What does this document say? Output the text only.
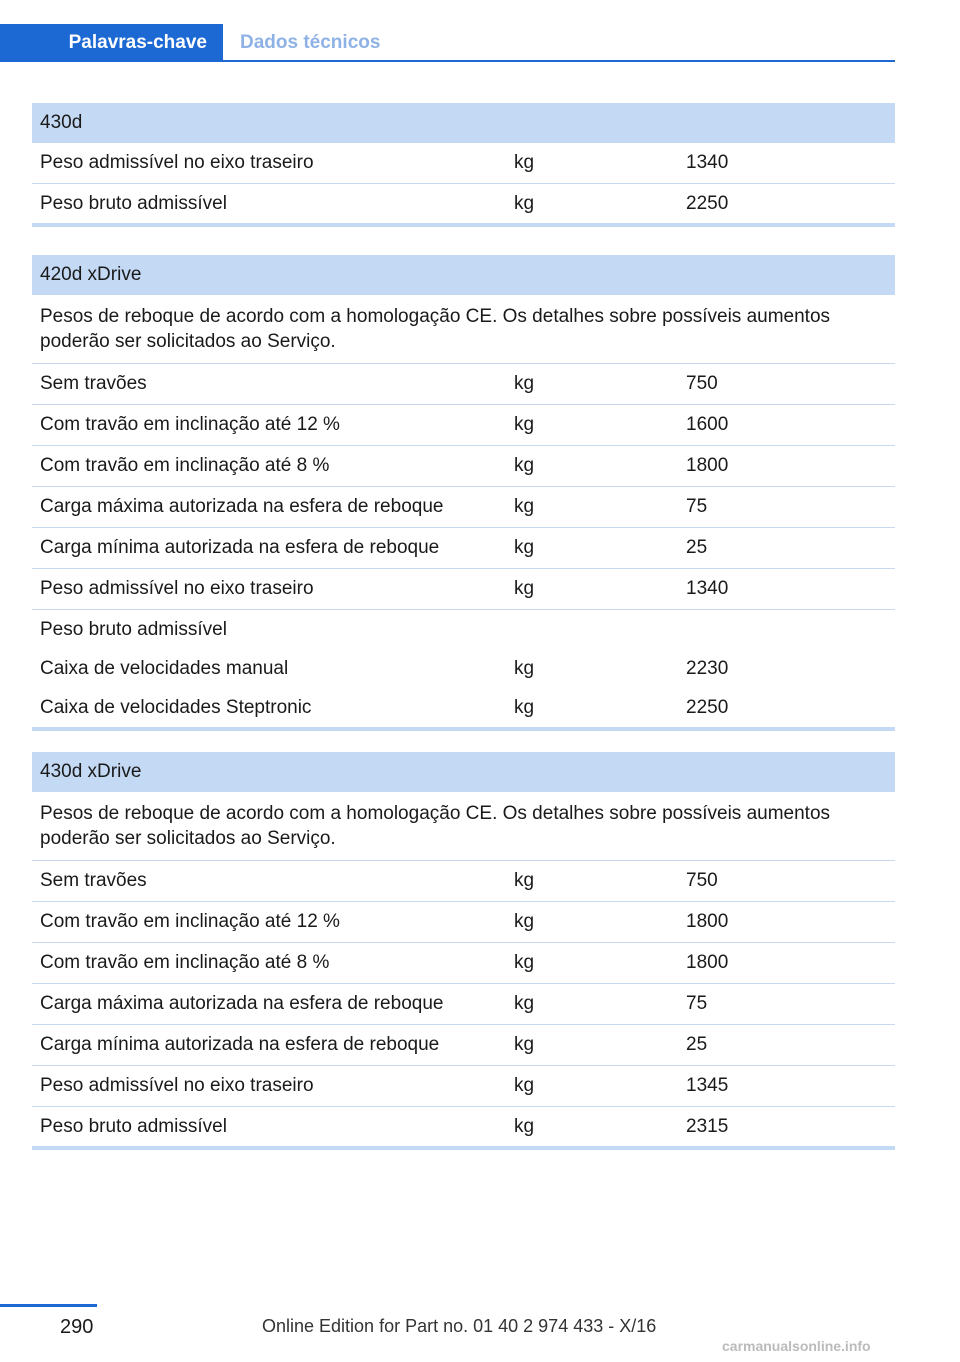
Palavras-chave	Dados técnicos
430d
Peso admissível no eixo traseiro	kg	1340
Peso bruto admissível	kg	2250
420d xDrive
Pesos de reboque de acordo com a homologação CE. Os detalhes sobre possíveis aumentos poderão ser solicitados ao Serviço.
Sem travões	kg	750
Com travão em inclinação até 12 %	kg	1600
Com travão em inclinação até 8 %	kg	1800
Carga máxima autorizada na esfera de reboque	kg	75
Carga mínima autorizada na esfera de reboque	kg	25
Peso admissível no eixo traseiro	kg	1340
Peso bruto admissível
Caixa de velocidades manual	kg	2230
Caixa de velocidades Steptronic	kg	2250
430d xDrive
Pesos de reboque de acordo com a homologação CE. Os detalhes sobre possíveis aumentos poderão ser solicitados ao Serviço.
Sem travões	kg	750
Com travão em inclinação até 12 %	kg	1800
Com travão em inclinação até 8 %	kg	1800
Carga máxima autorizada na esfera de reboque	kg	75
Carga mínima autorizada na esfera de reboque	kg	25
Peso admissível no eixo traseiro	kg	1345
Peso bruto admissível	kg	2315
290	Online Edition for Part no. 01 40 2 974 433 - X/16
carmanualsonline.info
